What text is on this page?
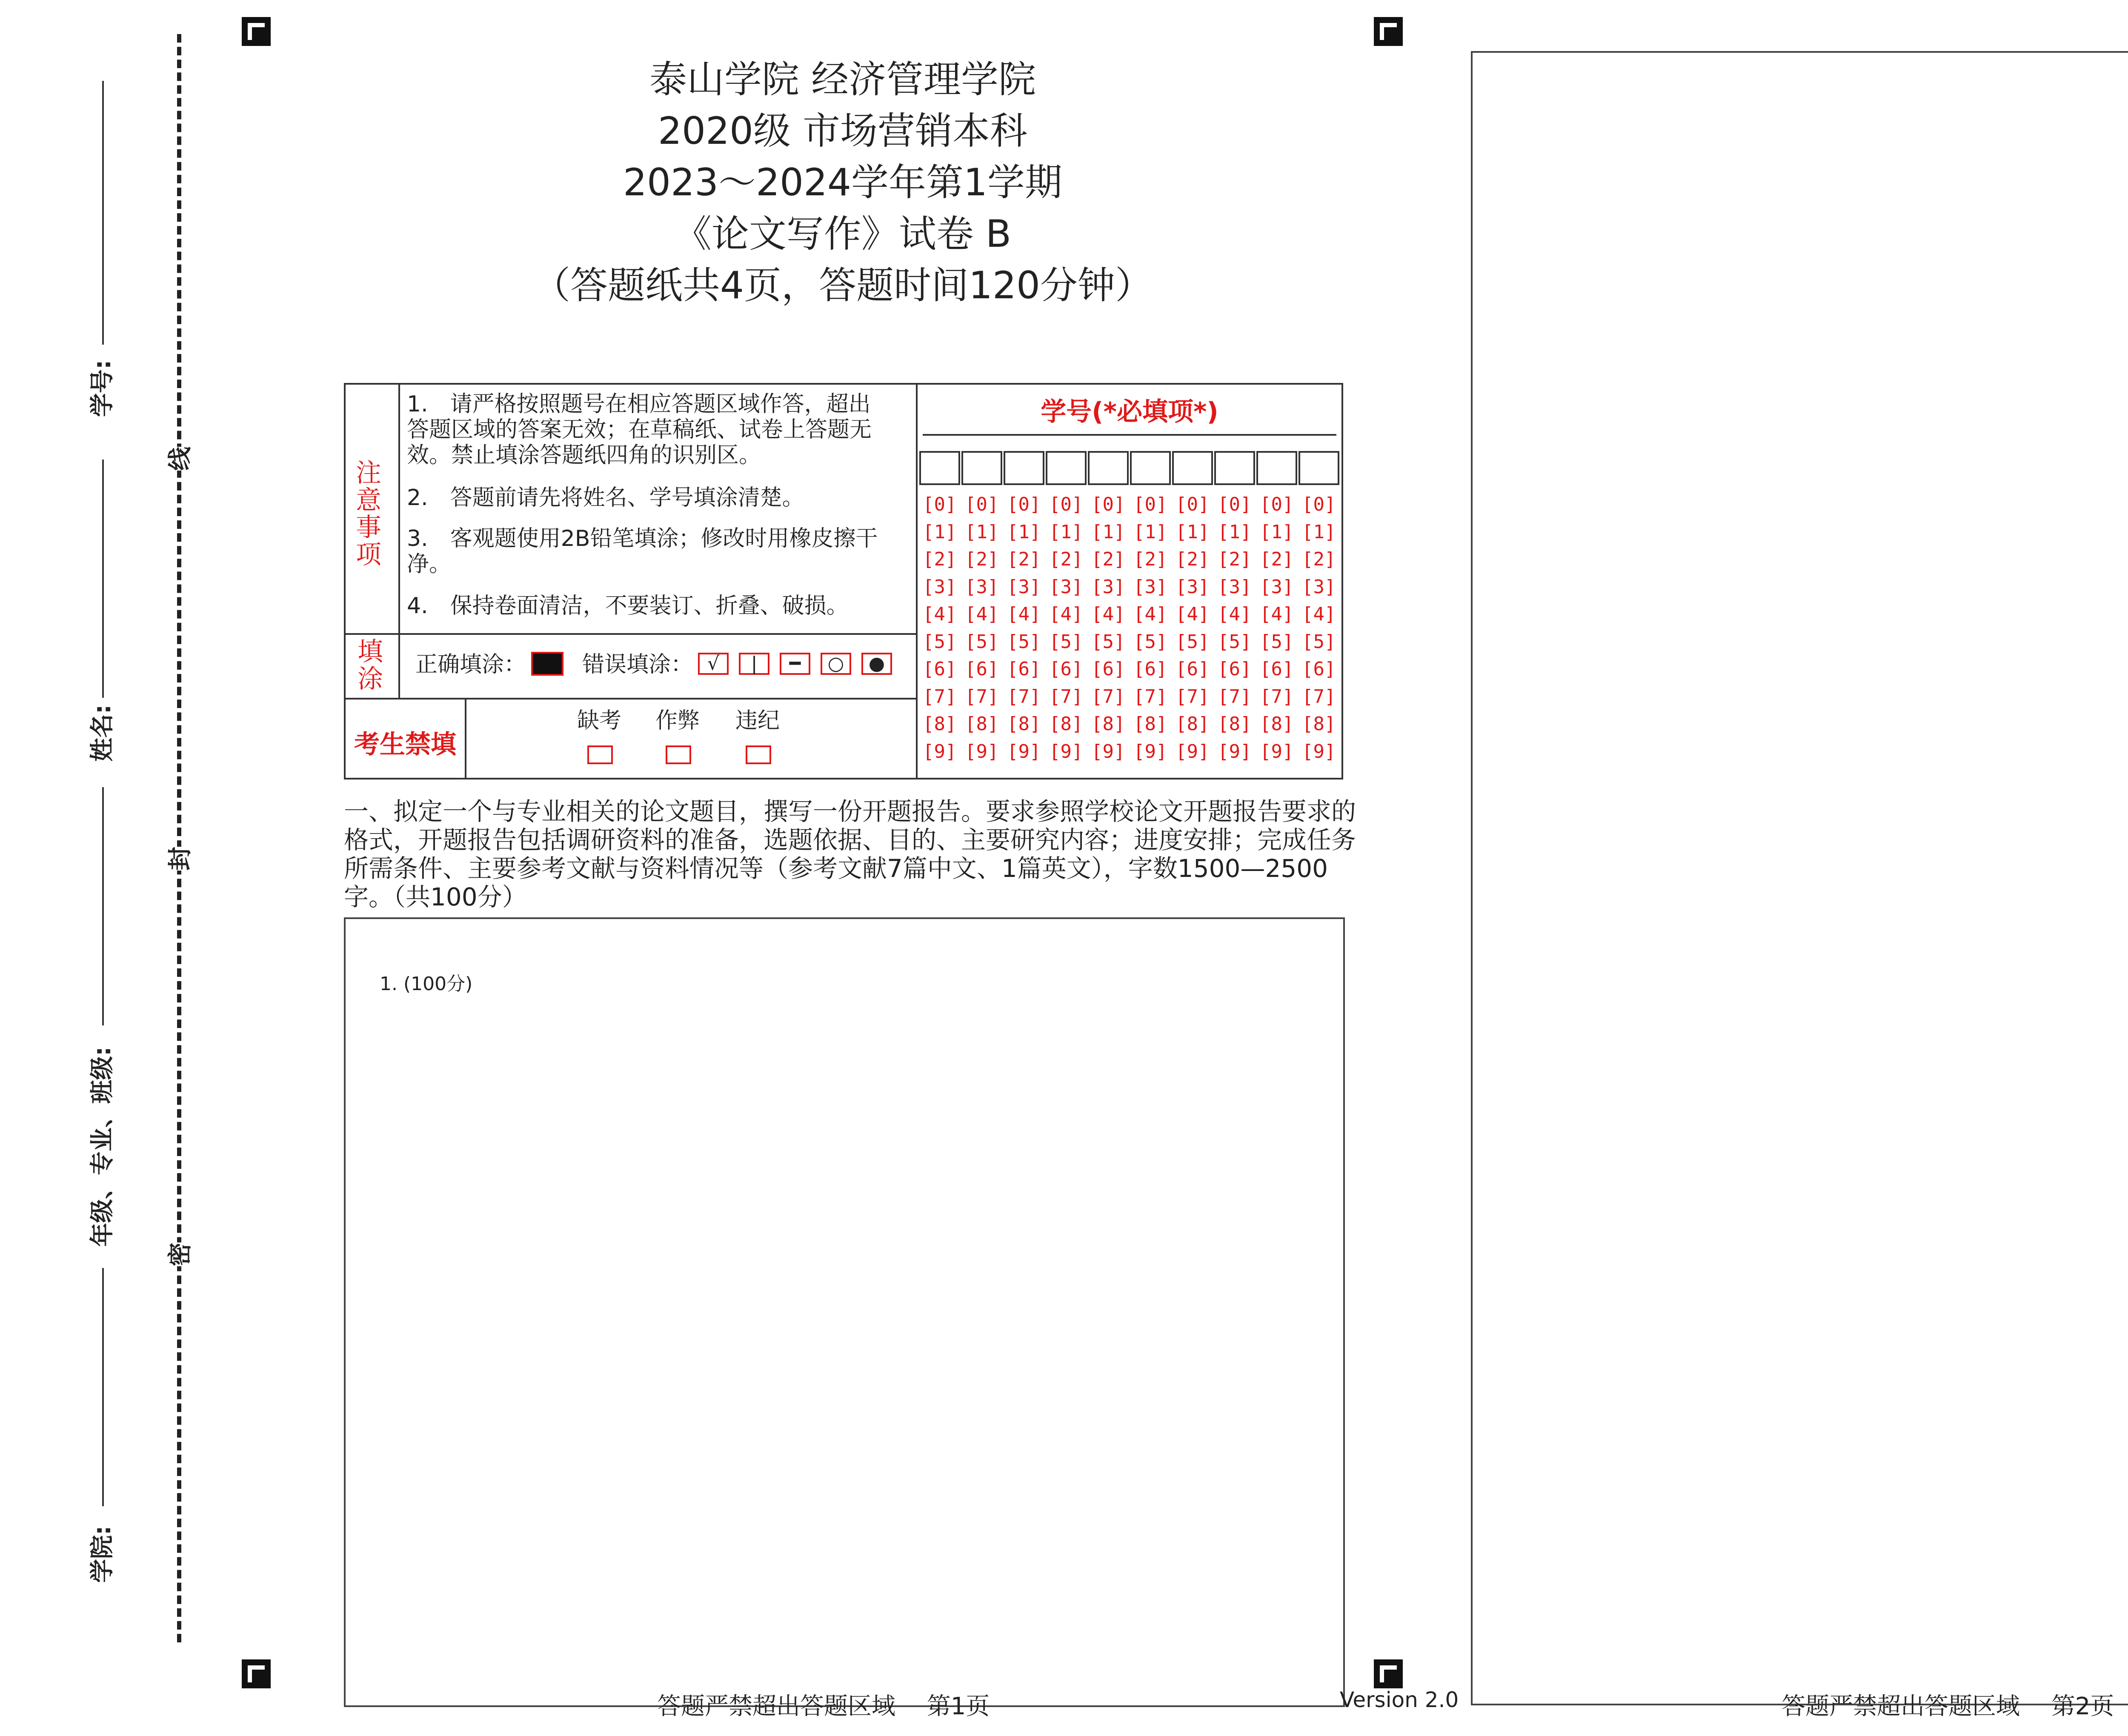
学号:
姓名:
年级、专业、班级:
学院:
线
封
密
泰山学院 经济管理学院
2020级 市场营销本科
2023～2024学年第1学期
《论文写作》试卷 B
（答题纸共4页，答题时间120分钟）
注意事项
1.　请严格按照题号在相应答题区域作答，超出答题区域的答案无效；在草稿纸、试卷上答题无效。禁止填涂答题纸四角的识别区。
2.　答题前请先将姓名、学号填涂清楚。
3.　客观题使用2B铅笔填涂；修改时用橡皮擦干净。
4.　保持卷面清洁，不要装订、折叠、破损。
填涂 正确填涂：	错误填涂： √	|	━	○	●
考生禁填
缺考 作弊 违纪
学号(*必填项*)
[0] [0] [0] [0] [0] [0] [0] [0] [0] [0]
[1] [1] [1] [1] [1] [1] [1] [1] [1] [1]
[2] [2] [2] [2] [2] [2] [2] [2] [2] [2]
[3] [3] [3] [3] [3] [3] [3] [3] [3] [3]
[4] [4] [4] [4] [4] [4] [4] [4] [4] [4]
[5] [5] [5] [5] [5] [5] [5] [5] [5] [5]
[6] [6] [6] [6] [6] [6] [6] [6] [6] [6]
[7] [7] [7] [7] [7] [7] [7] [7] [7] [7]
[8] [8] [8] [8] [8] [8] [8] [8] [8] [8]
[9] [9] [9] [9] [9] [9] [9] [9] [9] [9]
一、拟定一个与专业相关的论文题目，撰写一份开题报告。要求参照学校论文开题报告要求的格式，开题报告包括调研资料的准备，选题依据、目的、主要研究内容；进度安排；完成任务所需条件、主要参考文献与资料情况等（参考文献7篇中文、1篇英文），字数1500—2500字。（共100分）
1. (100分)
答题严禁超出答题区域　 第1页	Version 2.0	答题严禁超出答题区域　 第2页
